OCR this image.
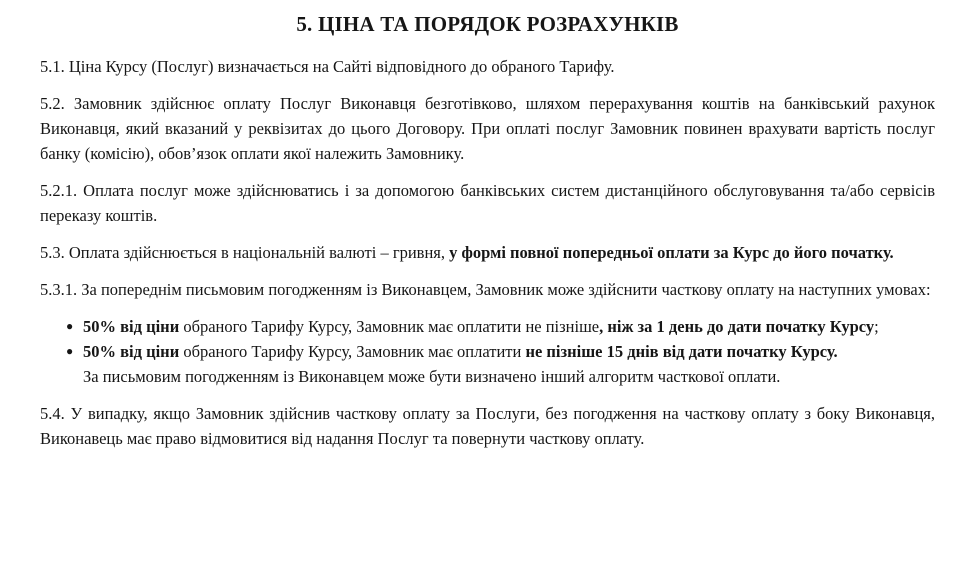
5. ЦІНА ТА ПОРЯДОК РОЗРАХУНКІВ

5.1. Ціна Курсу (Послуг) визначається на Сайті відповідного до обраного Тарифу.

5.2. Замовник здійснює оплату Послуг Виконавця безготівково, шляхом перерахування коштів на банківський рахунок Виконавця, який вказаний у реквізитах до цього Договору. При оплаті послуг Замовник повинен врахувати вартість послуг банку (комісію), обов’язок оплати якої належить Замовнику.

5.2.1. Оплата послуг може здійснюватись і за допомогою банківських систем дистанційного обслуговування та/або сервісів переказу коштів.

5.3. Оплата здійснюється в національній валюті – гривня, у формі повної попередньої оплати за Курс до його початку.

5.3.1. За попереднім письмовим погодженням із Виконавцем, Замовник може здійснити часткову оплату на наступних умовах:

● 50% від ціни обраного Тарифу Курсу, Замовник має оплатити не пізніше, ніж за 1 день до дати початку Курсу;
● 50% від ціни обраного Тарифу Курсу, Замовник має оплатити не пізніше 15 днів від дати початку Курсу.
За письмовим погодженням із Виконавцем може бути визначено інший алгоритм часткової оплати.

5.4. У випадку, якщо Замовник здійснив часткову оплату за Послуги, без погодження на часткову оплату з боку Виконавця, Виконавець має право відмовитися від надання Послуг та повернути часткову оплату.
